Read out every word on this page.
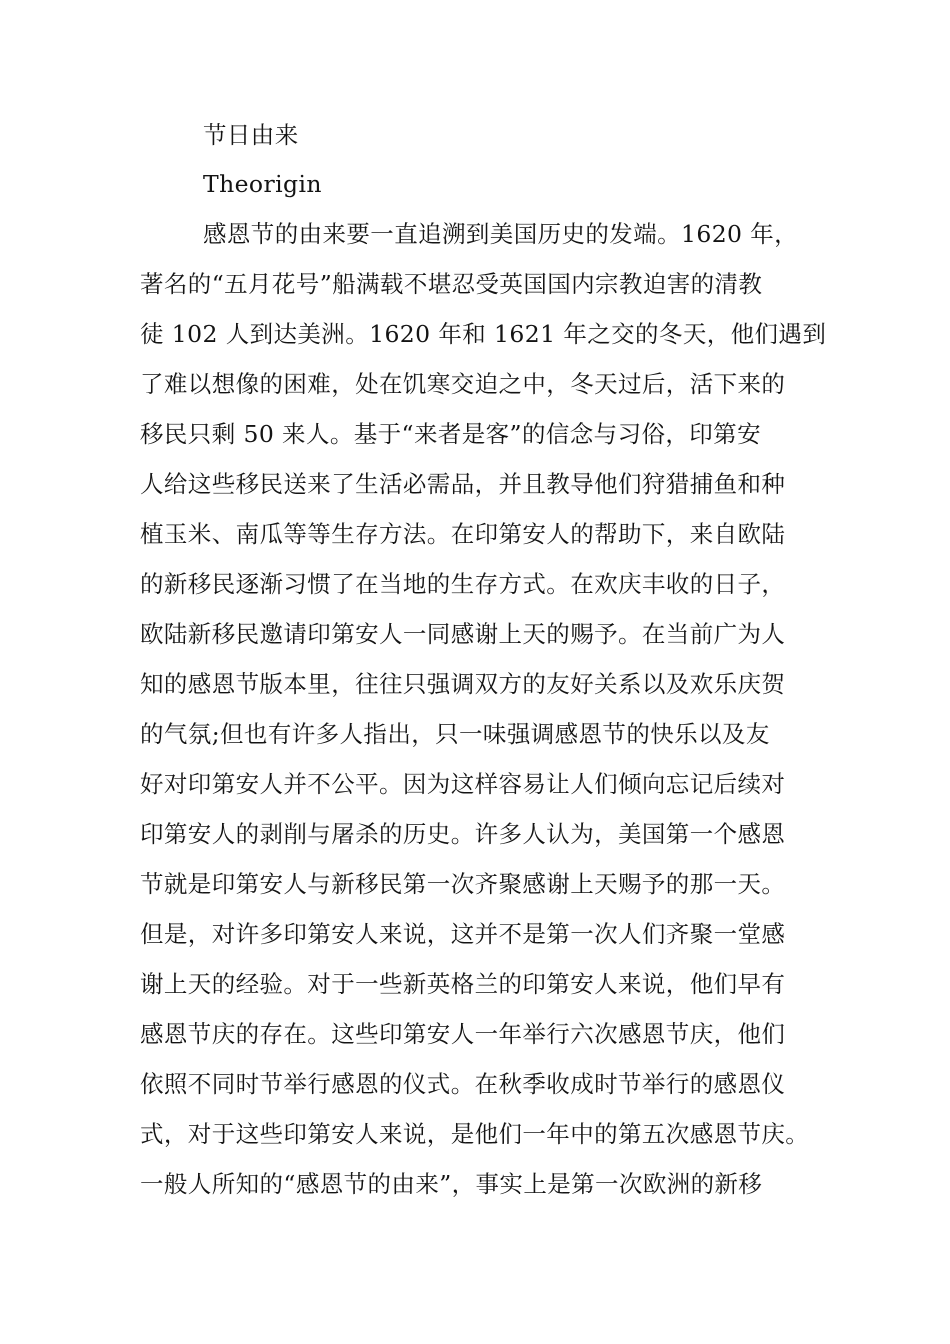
节日由来
Theorigin
感恩节的由来要一直追溯到美国历史的发端。1620 年，
著名的“五月花号”船满载不堪忍受英国国内宗教迫害的清教
徒 102 人到达美洲。1620 年和 1621 年之交的冬天，他们遇到
了难以想像的困难，处在饥寒交迫之中，冬天过后，活下来的
移民只剩 50 来人。基于“来者是客”的信念与习俗，印第安
人给这些移民送来了生活必需品，并且教导他们狩猎捕鱼和种
植玉米、南瓜等等生存方法。在印第安人的帮助下，来自欧陆
的新移民逐渐习惯了在当地的生存方式。在欢庆丰收的日子，
欧陆新移民邀请印第安人一同感谢上天的赐予。在当前广为人
知的感恩节版本里，往往只强调双方的友好关系以及欢乐庆贺
的气氛;但也有许多人指出，只一味强调感恩节的快乐以及友
好对印第安人并不公平。因为这样容易让人们倾向忘记后续对
印第安人的剥削与屠杀的历史。许多人认为，美国第一个感恩
节就是印第安人与新移民第一次齐聚感谢上天赐予的那一天。
但是，对许多印第安人来说，这并不是第一次人们齐聚一堂感
谢上天的经验。对于一些新英格兰的印第安人来说，他们早有
感恩节庆的存在。这些印第安人一年举行六次感恩节庆，他们
依照不同时节举行感恩的仪式。在秋季收成时节举行的感恩仪
式，对于这些印第安人来说，是他们一年中的第五次感恩节庆。
一般人所知的“感恩节的由来”，事实上是第一次欧洲的新移
